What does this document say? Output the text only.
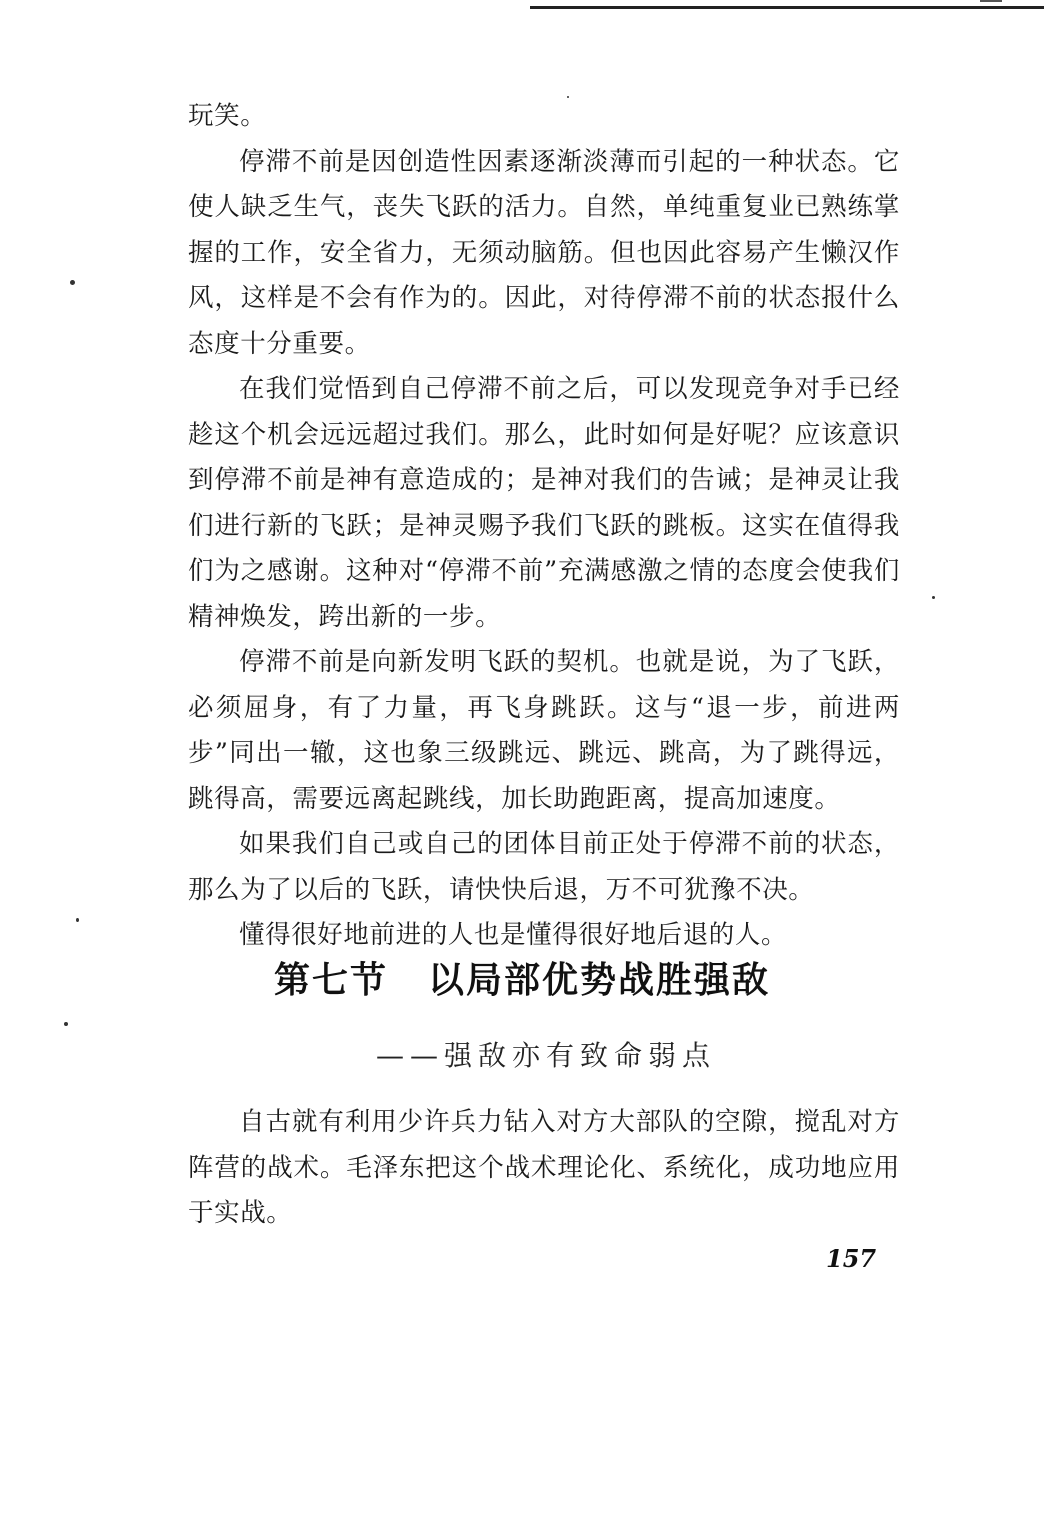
玩笑。

停滞不前是因创造性因素逐渐淡薄而引起的一种状态。它使人缺乏生气，丧失飞跃的活力。自然，单纯重复业已熟练掌握的工作，安全省力，无须动脑筋。但也因此容易产生懒汉作风，这样是不会有作为的。因此，对待停滞不前的状态报什么态度十分重要。

在我们觉悟到自己停滞不前之后，可以发现竞争对手已经趁这个机会远远超过我们。那么，此时如何是好呢？应该意识到停滞不前是神有意造成的；是神对我们的告诫；是神灵让我们进行新的飞跃；是神灵赐予我们飞跃的跳板。这实在值得我们为之感谢。这种对“停滞不前”充满感激之情的态度会使我们精神焕发，跨出新的一步。

停滞不前是向新发明飞跃的契机。也就是说，为了飞跃，必须屈身，有了力量，再飞身跳跃。这与“退一步，前进两步”同出一辙，这也象三级跳远、跳远、跳高，为了跳得远，跳得高，需要远离起跳线，加长助跑距离，提高加速度。

如果我们自己或自己的团体目前正处于停滞不前的状态，那么为了以后的飞跃，请快快后退，万不可犹豫不决。

懂得很好地前进的人也是懂得很好地后退的人。

第七节 以局部优势战胜强敌
——强敌亦有致命弱点

自古就有利用少许兵力钻入对方大部队的空隙，搅乱对方阵营的战术。毛泽东把这个战术理论化、系统化，成功地应用于实战。

157
